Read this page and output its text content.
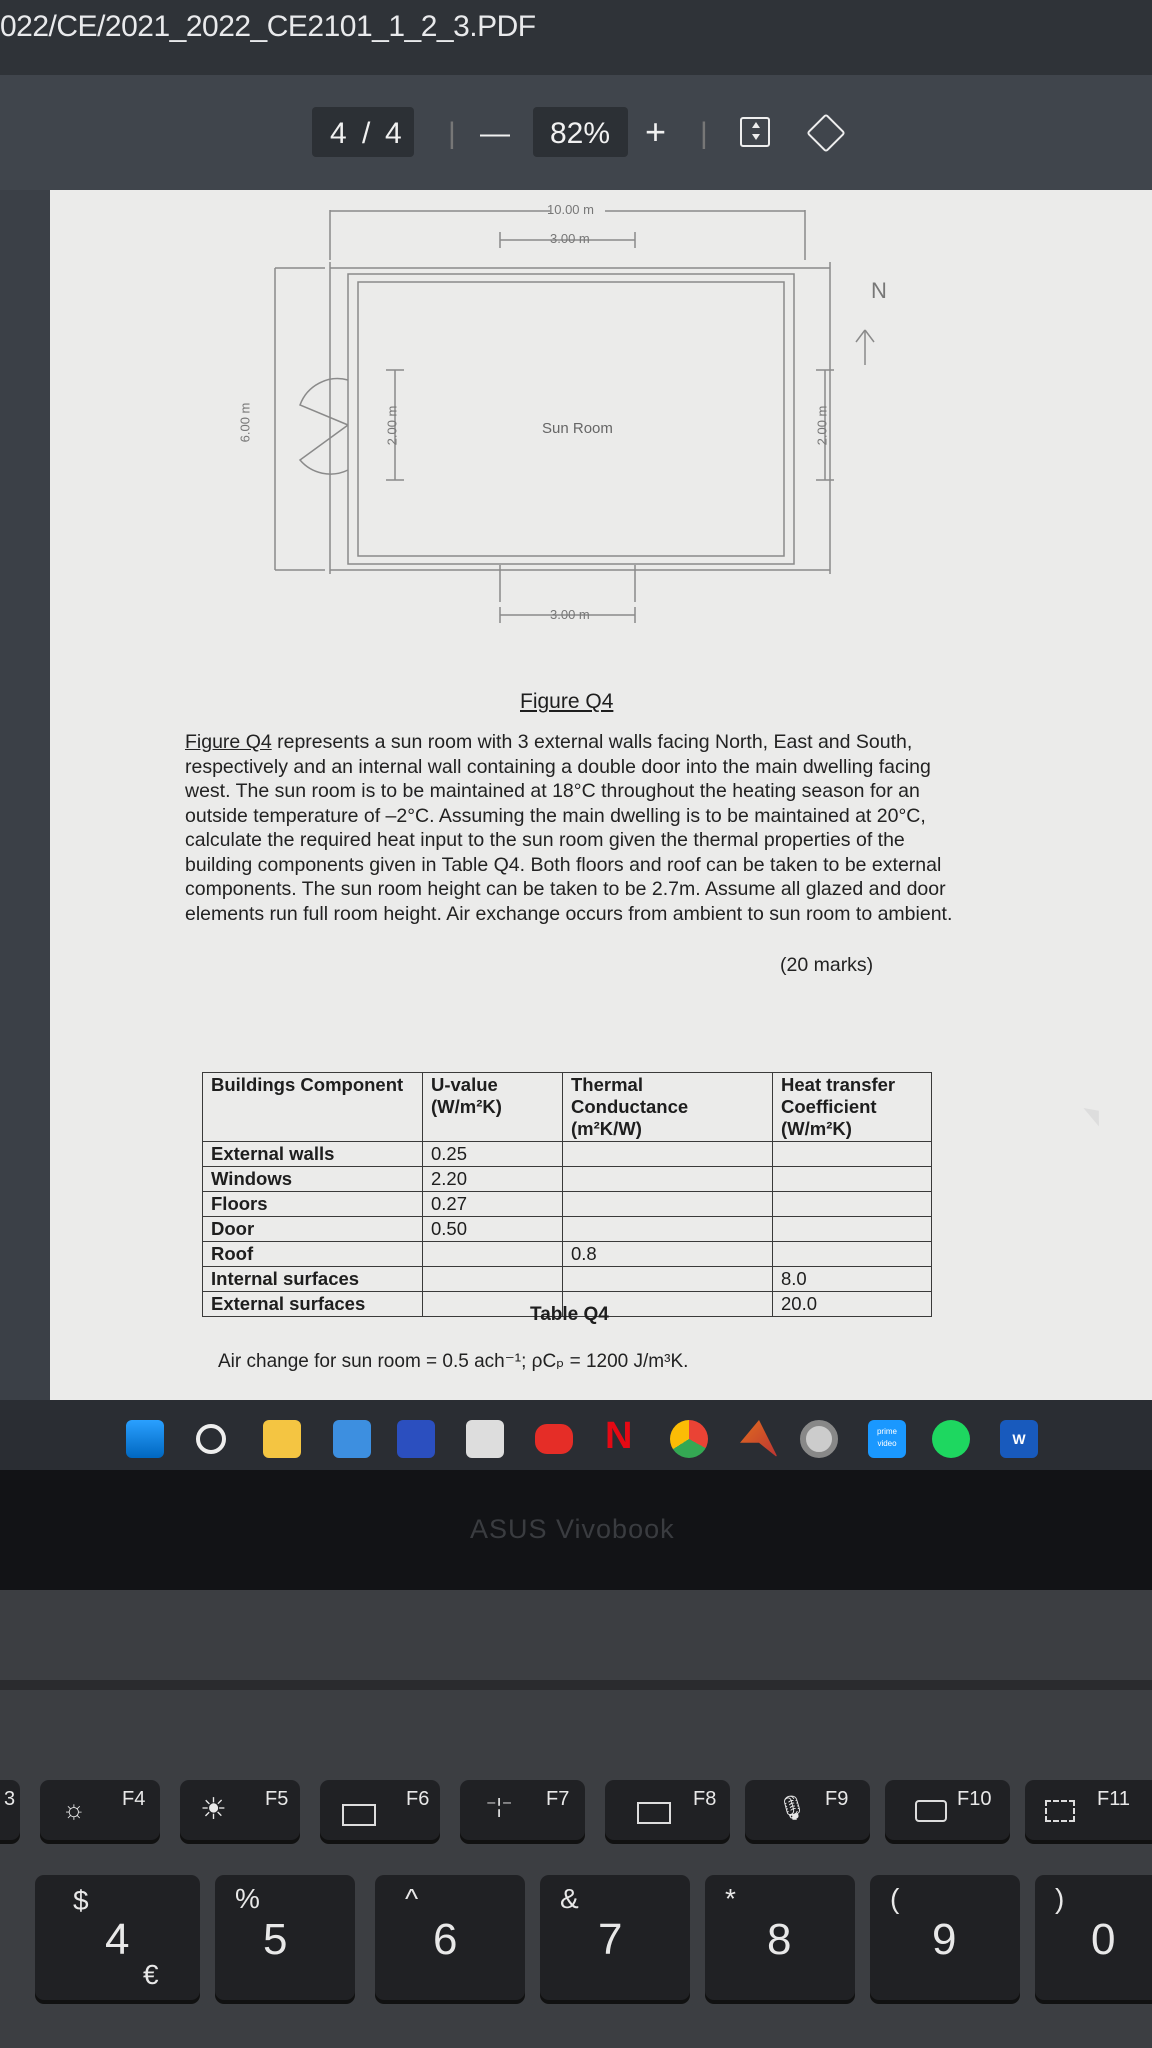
022/CE/2021_2022_CE2101_1_2_3.PDF
4 / 4 | — 82% + |
10.00 m
3.00 m
6.00 m	2.00 m	Sun Room	2.00 m
N
3.00 m
Figure Q4
Figure Q4 represents a sun room with 3 external walls facing North, East and South, respectively and an internal wall containing a double door into the main dwelling facing west. The sun room is to be maintained at 18°C throughout the heating season for an outside temperature of –2°C. Assuming the main dwelling is to be maintained at 20°C, calculate the required heat input to the sun room given the thermal properties of the building components given in Table Q4. Both floors and roof can be taken to be external components. The sun room height can be taken to be 2.7m. Assume all glazed and door elements run full room height. Air exchange occurs from ambient to sun room to ambient.
(20 marks)
Buildings Component	U-value (W/m²K)	Thermal Conductance (m²K/W)	Heat transfer Coefficient (W/m²K)
External walls	0.25		
Windows	2.20		
Floors	0.27		
Door	0.50		
Roof		0.8	
Internal surfaces			8.0
External surfaces			20.0
Table Q4
Air change for sun room = 0.5 ach⁻¹; ρCₚ = 1200 J/m³K.
N	prime video	W
ASUS Vivobook
3 ☼ F4 ☀ F5	F6	⁻¦⁻ F7	F8	🎙 F9	F10	F11
$
4
€
%
5
^
6
&
7
*
8
(
9
)
0
